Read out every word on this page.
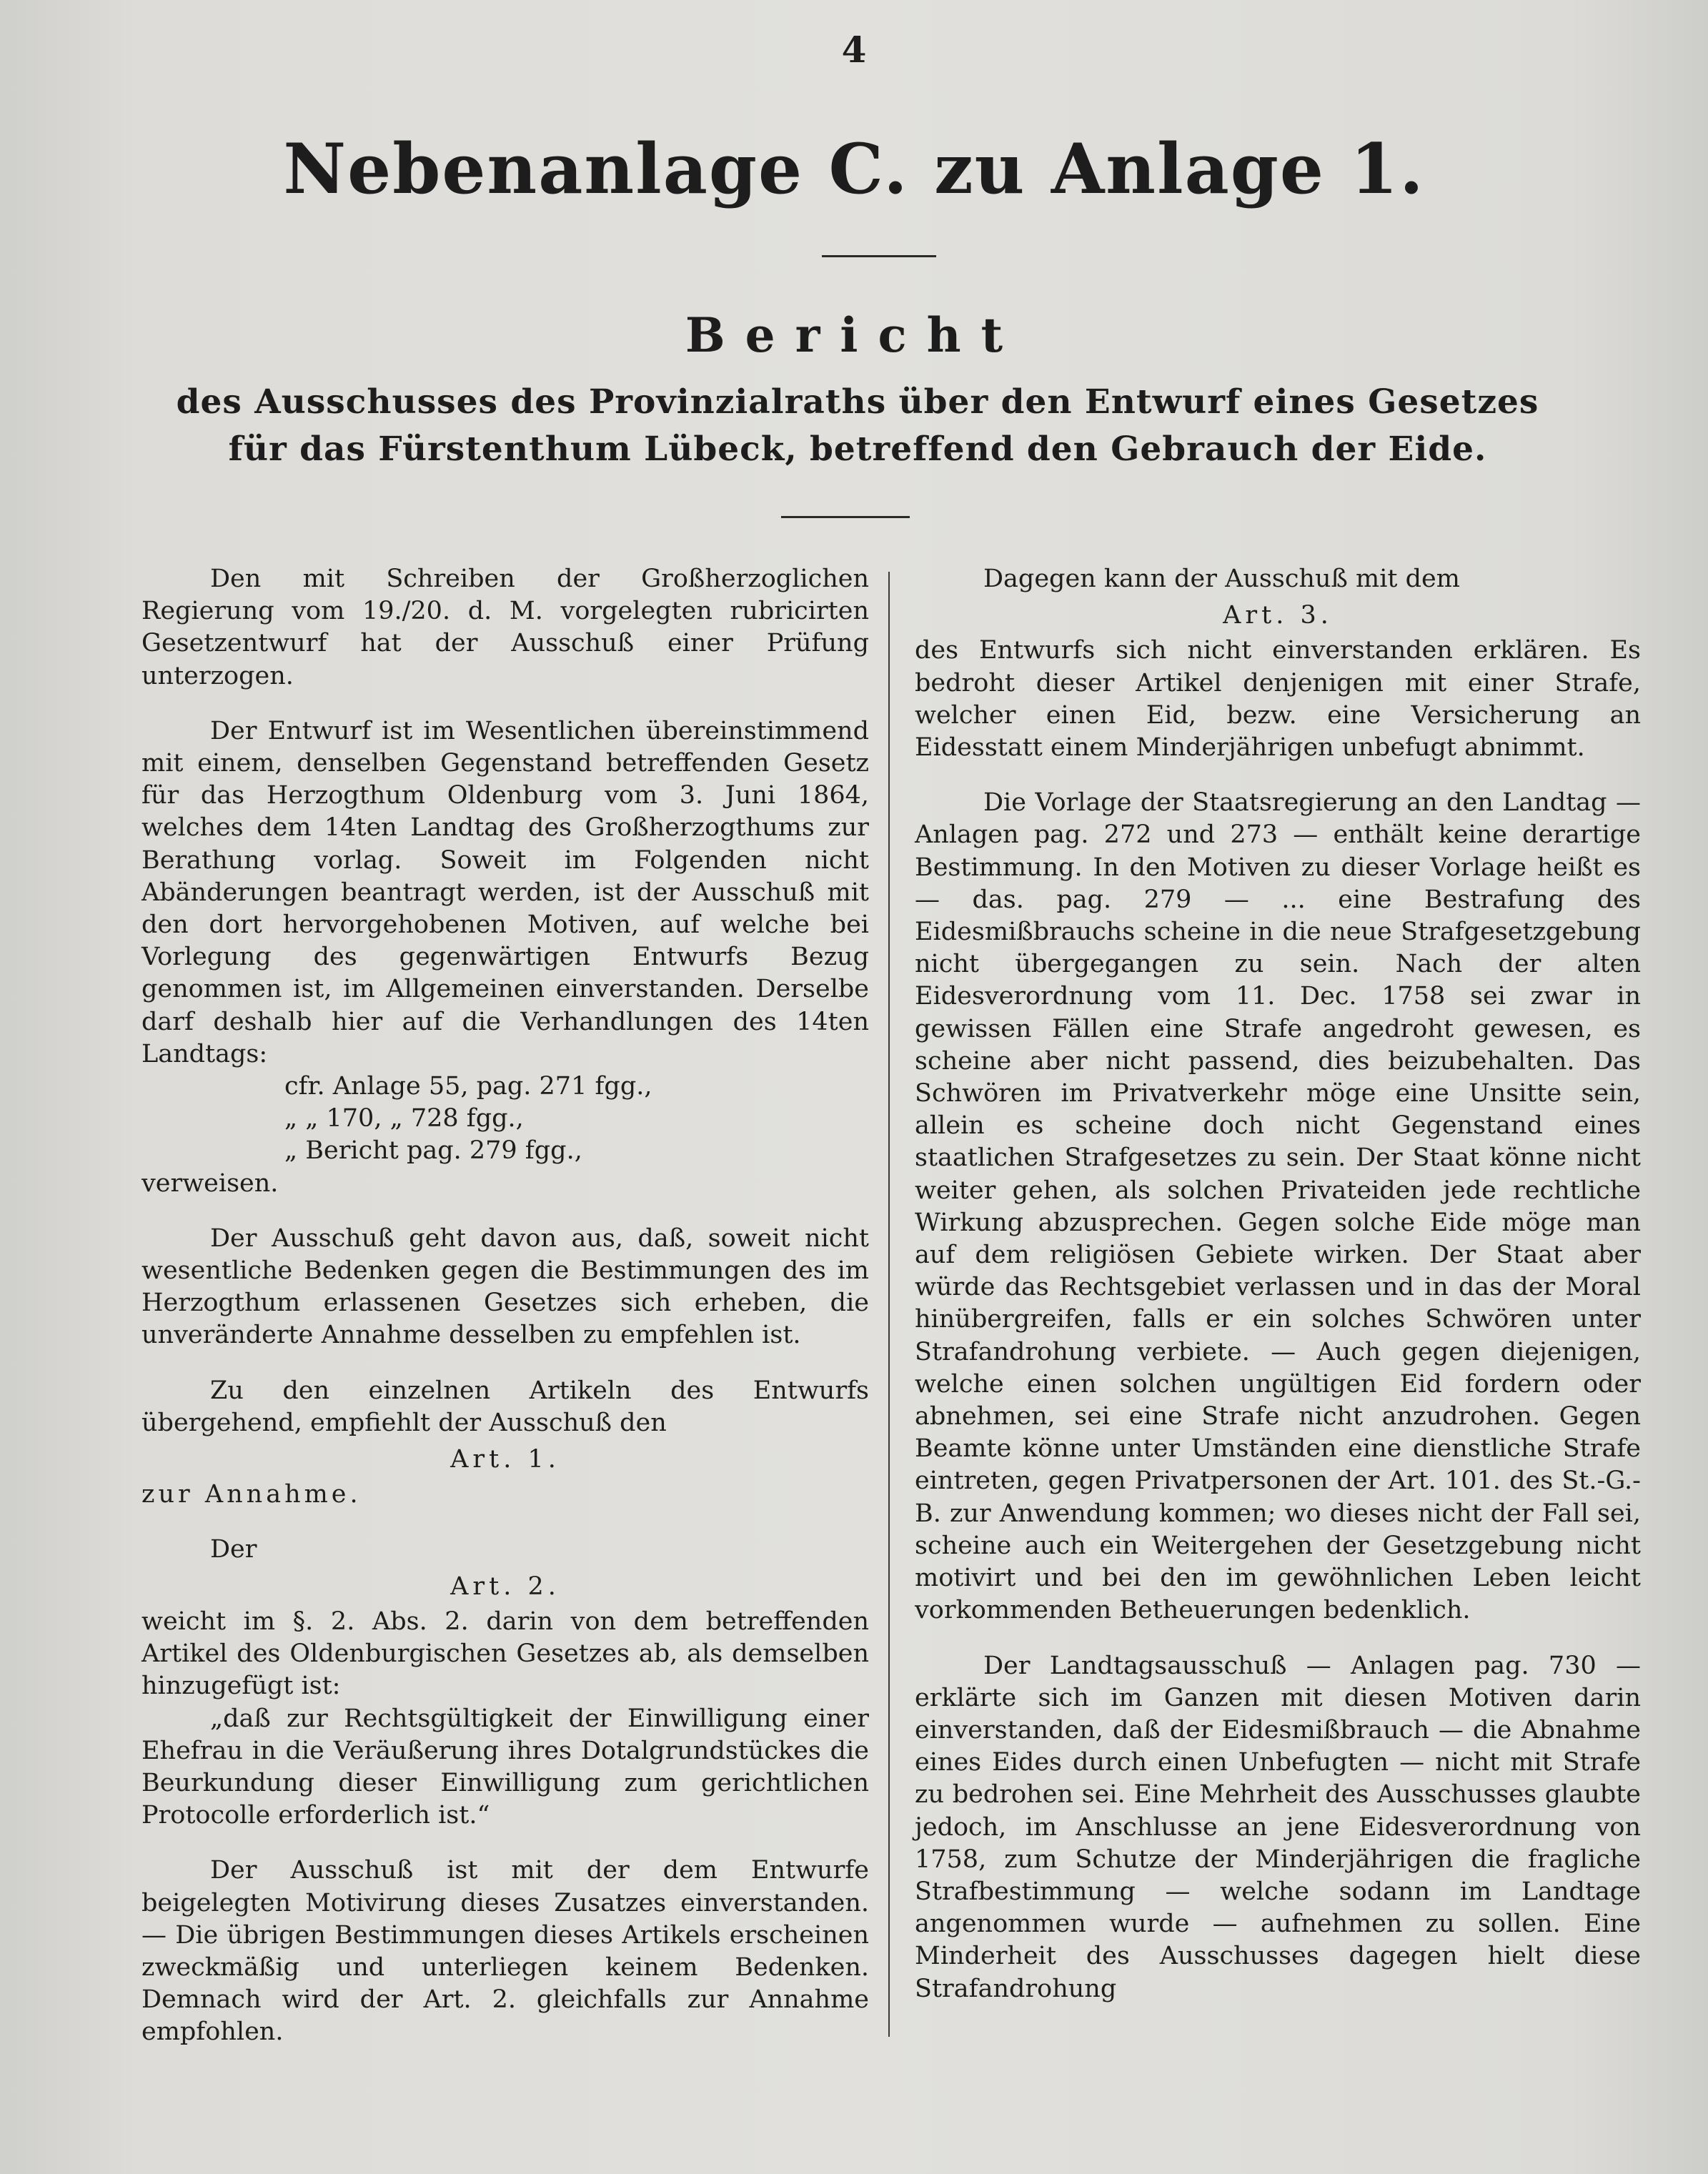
4
Nebenanlage C. zu Anlage 1.
Bericht
des Ausschusses des Provinzialraths über den Entwurf eines Gesetzes für das Fürstenthum Lübeck, betreffend den Gebrauch der Eide.

Den mit Schreiben der Großherzoglichen Regierung vom 19./20. d. M. vorgelegten rubricirten Gesetzentwurf hat der Ausschuß einer Prüfung unterzogen.

Der Entwurf ist im Wesentlichen übereinstimmend mit einem, denselben Gegenstand betreffenden Gesetz für das Herzogthum Oldenburg vom 3. Juni 1864, welches dem 14ten Landtag des Großherzogthums zur Berathung vorlag. Soweit im Folgenden nicht Abänderungen beantragt werden, ist der Ausschuß mit den dort hervorgehobenen Motiven, auf welche bei Vorlegung des gegenwärtigen Entwurfs Bezug genommen ist, im Allgemeinen einverstanden. Derselbe darf deshalb hier auf die Verhandlungen des 14ten Landtags:

cfr. Anlage 55, pag. 271 fgg.,
„ „ 170, „ 728 fgg.,
„ Bericht pag. 279 fgg.,

verweisen.

Der Ausschuß geht davon aus, daß, soweit nicht wesentliche Bedenken gegen die Bestimmungen des im Herzogthum erlassenen Gesetzes sich erheben, die unveränderte Annahme desselben zu empfehlen ist.

Zu den einzelnen Artikeln des Entwurfs übergehend, empfiehlt der Ausschuß den

Art. 1.

zur Annahme.

Der

Art. 2.

weicht im §. 2. Abs. 2. darin von dem betreffenden Artikel des Oldenburgischen Gesetzes ab, als demselben hinzugefügt ist:

„daß zur Rechtsgültigkeit der Einwilligung einer Ehefrau in die Veräußerung ihres Dotalgrundstückes die Beurkundung dieser Einwilligung zum gerichtlichen Protocolle erforderlich ist.“

Der Ausschuß ist mit der dem Entwurfe beigelegten Motivirung dieses Zusatzes einverstanden. — Die übrigen Bestimmungen dieses Artikels erscheinen zweckmäßig und unterliegen keinem Bedenken. Demnach wird der Art. 2. gleichfalls zur Annahme empfohlen.

Dagegen kann der Ausschuß mit dem

Art. 3.

des Entwurfs sich nicht einverstanden erklären. Es bedroht dieser Artikel denjenigen mit einer Strafe, welcher einen Eid, bezw. eine Versicherung an Eidesstatt einem Minderjährigen unbefugt abnimmt.

Die Vorlage der Staatsregierung an den Landtag — Anlagen pag. 272 und 273 — enthält keine derartige Bestimmung. In den Motiven zu dieser Vorlage heißt es — das. pag. 279 — ... eine Bestrafung des Eidesmißbrauchs scheine in die neue Strafgesetzgebung nicht übergegangen zu sein. Nach der alten Eidesverordnung vom 11. Dec. 1758 sei zwar in gewissen Fällen eine Strafe angedroht gewesen, es scheine aber nicht passend, dies beizubehalten. Das Schwören im Privatverkehr möge eine Unsitte sein, allein es scheine doch nicht Gegenstand eines staatlichen Strafgesetzes zu sein. Der Staat könne nicht weiter gehen, als solchen Privateiden jede rechtliche Wirkung abzusprechen. Gegen solche Eide möge man auf dem religiösen Gebiete wirken. Der Staat aber würde das Rechtsgebiet verlassen und in das der Moral hinübergreifen, falls er ein solches Schwören unter Strafandrohung verbiete. — Auch gegen diejenigen, welche einen solchen ungültigen Eid fordern oder abnehmen, sei eine Strafe nicht anzudrohen. Gegen Beamte könne unter Umständen eine dienstliche Strafe eintreten, gegen Privatpersonen der Art. 101. des St.-G.-B. zur Anwendung kommen; wo dieses nicht der Fall sei, scheine auch ein Weitergehen der Gesetzgebung nicht motivirt und bei den im gewöhnlichen Leben leicht vorkommenden Betheuerungen bedenklich.

Der Landtagsausschuß — Anlagen pag. 730 — erklärte sich im Ganzen mit diesen Motiven darin einverstanden, daß der Eidesmißbrauch — die Abnahme eines Eides durch einen Unbefugten — nicht mit Strafe zu bedrohen sei. Eine Mehrheit des Ausschusses glaubte jedoch, im Anschlusse an jene Eidesverordnung von 1758, zum Schutze der Minderjährigen die fragliche Strafbestimmung — welche sodann im Landtage angenommen wurde — aufnehmen zu sollen. Eine Minderheit des Ausschusses dagegen hielt diese Strafandrohung
